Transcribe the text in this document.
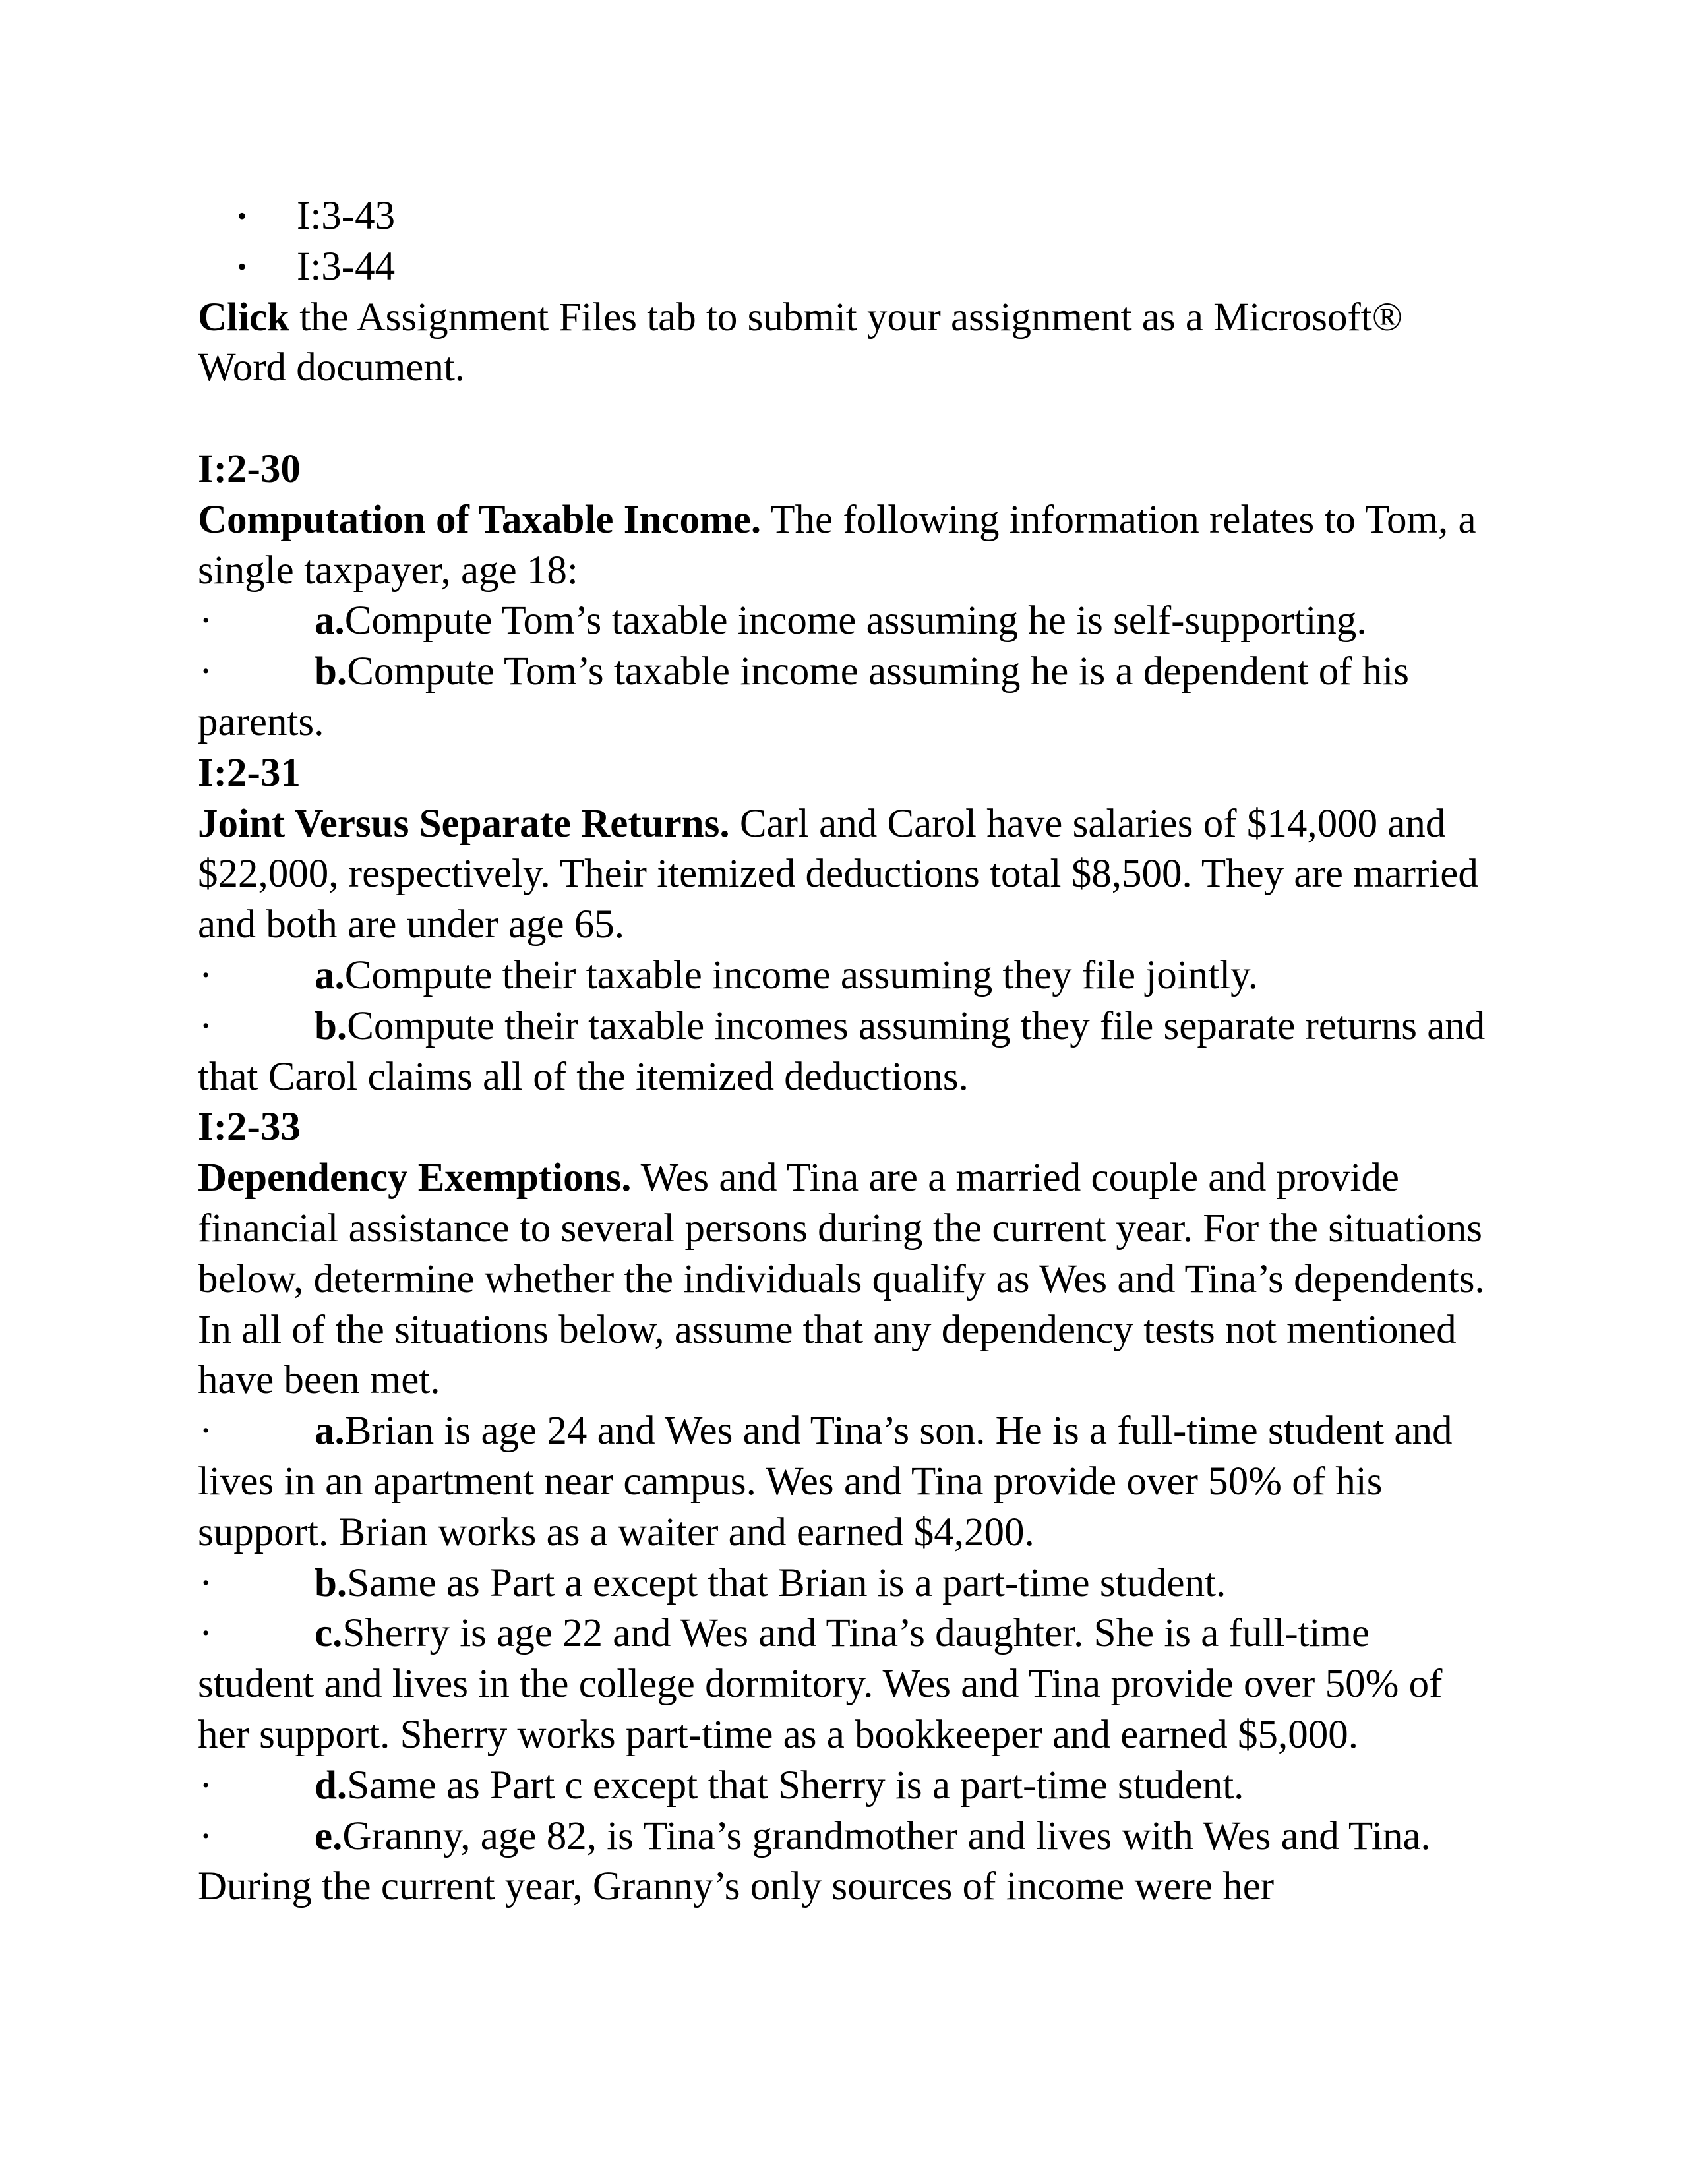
• I:3-43
• I:3-44

Click the Assignment Files tab to submit your assignment as a Microsoft® Word document.

I:2-30

Computation of Taxable Income. The following information relates to Tom, a single taxpayer, age 18:

·	a.Compute Tom’s taxable income assuming he is self-supporting.

·	b.Compute Tom’s taxable income assuming he is a dependent of his parents.

I:2-31

Joint Versus Separate Returns. Carl and Carol have salaries of $14,000 and $22,000, respectively. Their itemized deductions total $8,500. They are married and both are under age 65.

·	a.Compute their taxable income assuming they file jointly.

·	b.Compute their taxable incomes assuming they file separate returns and that Carol claims all of the itemized deductions.

I:2-33

Dependency Exemptions. Wes and Tina are a married couple and provide financial assistance to several persons during the current year. For the situations below, determine whether the individuals qualify as Wes and Tina’s dependents. In all of the situations below, assume that any dependency tests not mentioned have been met.

·	a.Brian is age 24 and Wes and Tina’s son. He is a full-time student and lives in an apartment near campus. Wes and Tina provide over 50% of his support. Brian works as a waiter and earned $4,200.

·	b.Same as Part a except that Brian is a part-time student.

·	c.Sherry is age 22 and Wes and Tina’s daughter. She is a full-time student and lives in the college dormitory. Wes and Tina provide over 50% of her support. Sherry works part-time as a bookkeeper and earned $5,000.

·	d.Same as Part c except that Sherry is a part-time student.

·	e.Granny, age 82, is Tina’s grandmother and lives with Wes and Tina. During the current year, Granny’s only sources of income were her
